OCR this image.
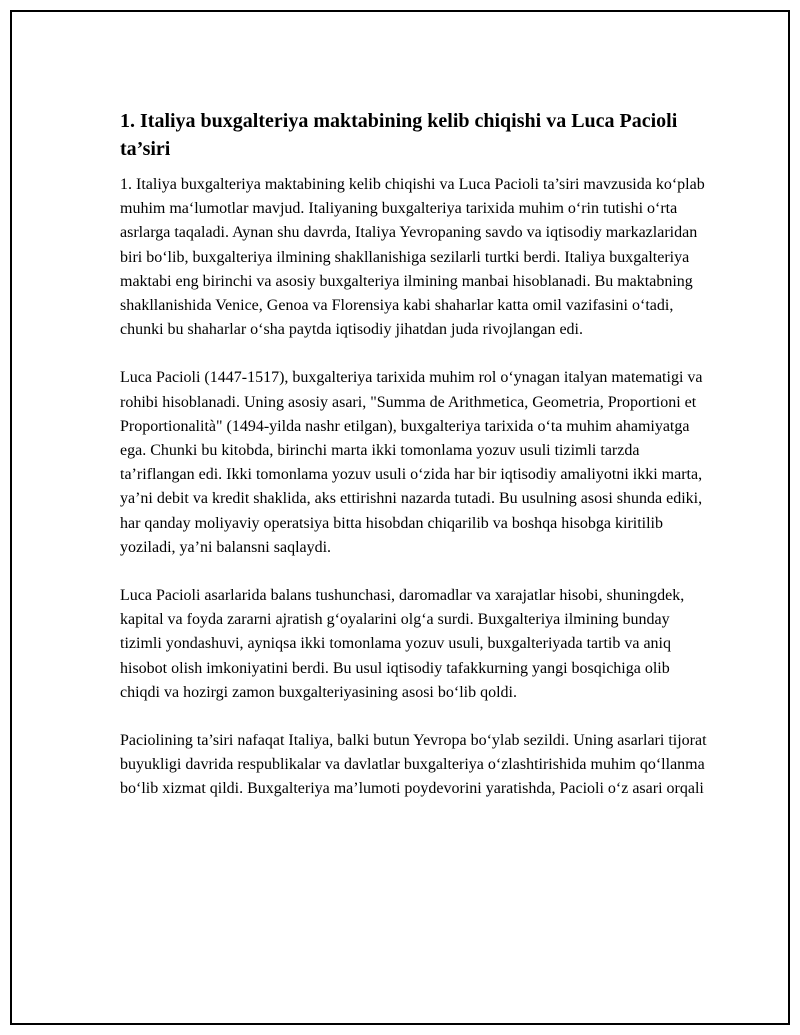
1. Italiya buxgalteriya maktabining kelib chiqishi va Luca Pacioli ta’siri

1. Italiya buxgalteriya maktabining kelib chiqishi va Luca Pacioli ta’siri mavzusida ko‘plab muhim ma‘lumotlar mavjud. Italiyaning buxgalteriya tarixida muhim o‘rin tutishi o‘rta asrlarga taqaladi. Aynan shu davrda, Italiya Yevropaning savdo va iqtisodiy markazlaridan biri bo‘lib, buxgalteriya ilmining shakllanishiga sezilarli turtki berdi. Italiya buxgalteriya maktabi eng birinchi va asosiy buxgalteriya ilmining manbai hisoblanadi. Bu maktabning shakllanishida Venice, Genoa va Florensiya kabi shaharlar katta omil vazifasini o‘tadi, chunki bu shaharlar o‘sha paytda iqtisodiy jihatdan juda rivojlangan edi.

Luca Pacioli (1447-1517), buxgalteriya tarixida muhim rol o‘ynagan italyan matematigi va rohibi hisoblanadi. Uning asosiy asari, "Summa de Arithmetica, Geometria, Proportioni et Proportionalità" (1494-yilda nashr etilgan), buxgalteriya tarixida o‘ta muhim ahamiyatga ega. Chunki bu kitobda, birinchi marta ikki tomonlama yozuv usuli tizimli tarzda ta’riflangan edi. Ikki tomonlama yozuv usuli o‘zida har bir iqtisodiy amaliyotni ikki marta, ya’ni debit va kredit shaklida, aks ettirishni nazarda tutadi. Bu usulning asosi shunda ediki, har qanday moliyaviy operatsiya bitta hisobdan chiqarilib va boshqa hisobga kiritilib yoziladi, ya’ni balansni saqlaydi.

Luca Pacioli asarlarida balans tushunchasi, daromadlar va xarajatlar hisobi, shuningdek, kapital va foyda zararni ajratish g‘oyalarini olg‘a surdi. Buxgalteriya ilmining bunday tizimli yondashuvi, ayniqsa ikki tomonlama yozuv usuli, buxgalteriyada tartib va aniq hisobot olish imkoniyatini berdi. Bu usul iqtisodiy tafakkurning yangi bosqichiga olib chiqdi va hozirgi zamon buxgalteriyasining asosi bo‘lib qoldi.

Paciolining ta’siri nafaqat Italiya, balki butun Yevropa bo‘ylab sezildi. Uning asarlari tijorat buyukligi davrida respublikalar va davlatlar buxgalteriya o‘zlashtirishida muhim qo‘llanma bo‘lib xizmat qildi. Buxgalteriya ma’lumoti poydevorini yaratishda, Pacioli o‘z asari orqali
